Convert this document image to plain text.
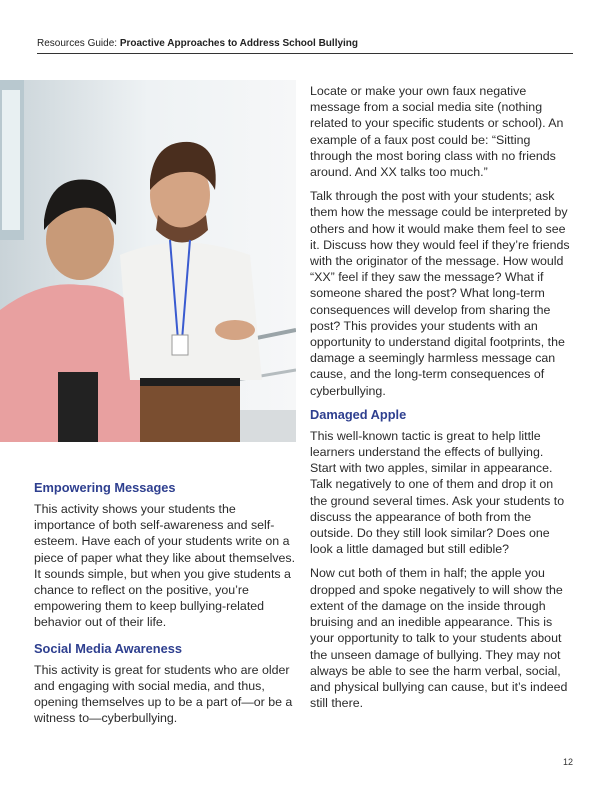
Resources Guide: Proactive Approaches to Address School Bullying
Empowering Messages

This activity shows your students the importance of both self-awareness and self-esteem. Have each of your students write on a piece of paper what they like about themselves. It sounds simple, but when you give students a chance to reflect on the positive, you’re empowering them to keep bullying-related behavior out of their life.

Social Media Awareness

This activity is great for students who are older and engaging with social media, and thus, opening themselves up to be a part of—or be a witness to—cyberbullying.

Locate or make your own faux negative message from a social media site (nothing related to your specific students or school). An example of a faux post could be: “Sitting through the most boring class with no friends around. And XX talks too much.”

Talk through the post with your students; ask them how the message could be interpreted by others and how it would make them feel to see it. Discuss how they would feel if they’re friends with the originator of the message. How would “XX” feel if they saw the message? What if someone shared the post? What long-term consequences will develop from sharing the post? This provides your students with an opportunity to understand digital footprints, the damage a seemingly harmless message can cause, and the long-term consequences of cyberbullying.

Damaged Apple

This well-known tactic is great to help little learners understand the effects of bullying. Start with two apples, similar in appearance. Talk negatively to one of them and drop it on the ground several times. Ask your students to discuss the appearance of both from the outside. Do they still look similar? Does one look a little damaged but still edible?

Now cut both of them in half; the apple you dropped and spoke negatively to will show the extent of the damage on the inside through bruising and an inedible appearance. This is your opportunity to talk to your students about the unseen damage of bullying. They may not always be able to see the harm verbal, social, and physical bullying can cause, but it’s indeed still there.

12
